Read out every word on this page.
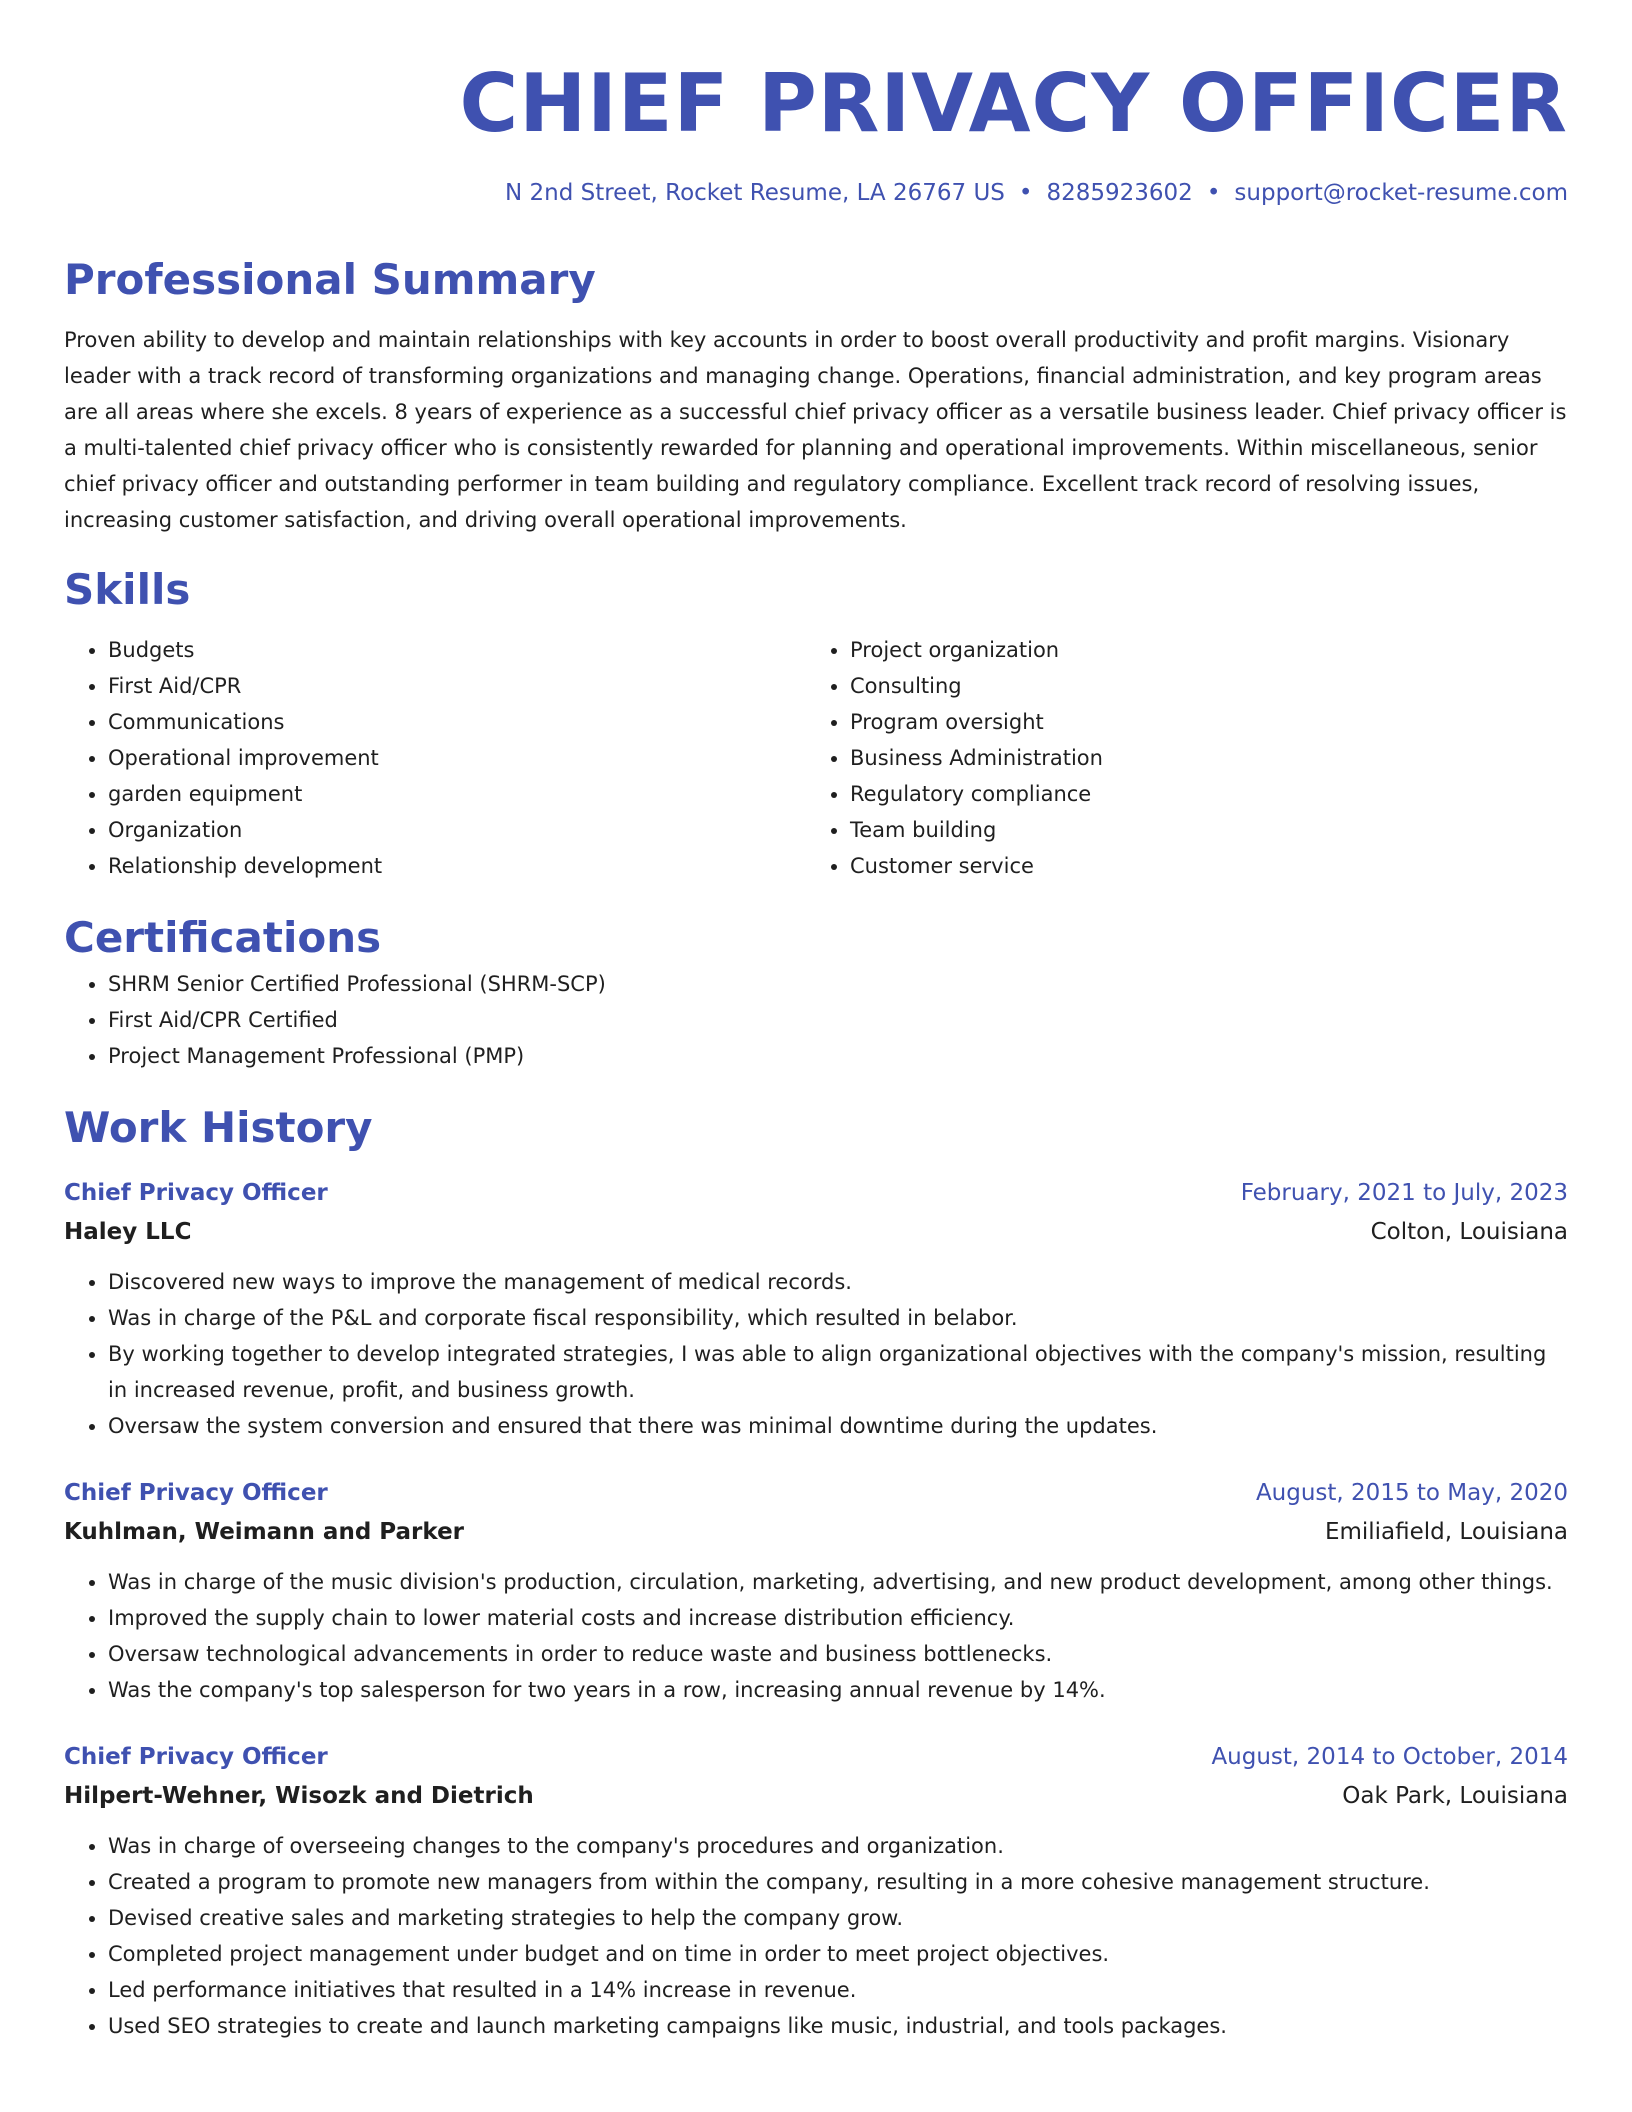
CHIEF PRIVACY OFFICER
N 2nd Street, Rocket Resume, LA 26767 US • 8285923602 • support@rocket-resume.com
Professional Summary
Proven ability to develop and maintain relationships with key accounts in order to boost overall productivity and profit margins. Visionary leader with a track record of transforming organizations and managing change. Operations, financial administration, and key program areas are all areas where she excels. 8 years of experience as a successful chief privacy officer as a versatile business leader. Chief privacy officer is a multi-talented chief privacy officer who is consistently rewarded for planning and operational improvements. Within miscellaneous, senior chief privacy officer and outstanding performer in team building and regulatory compliance. Excellent track record of resolving issues, increasing customer satisfaction, and driving overall operational improvements.
Skills
• Budgets
• First Aid/CPR
• Communications
• Operational improvement
• garden equipment
• Organization
• Relationship development
• Project organization
• Consulting
• Program oversight
• Business Administration
• Regulatory compliance
• Team building
• Customer service
Certifications
• SHRM Senior Certified Professional (SHRM-SCP)
• First Aid/CPR Certified
• Project Management Professional (PMP)
Work History
Chief Privacy Officer	February, 2021 to July, 2023
Haley LLC	Colton, Louisiana
• Discovered new ways to improve the management of medical records.
• Was in charge of the P&L and corporate fiscal responsibility, which resulted in belabor.
• By working together to develop integrated strategies, I was able to align organizational objectives with the company's mission, resulting in increased revenue, profit, and business growth.
• Oversaw the system conversion and ensured that there was minimal downtime during the updates.
Chief Privacy Officer	August, 2015 to May, 2020
Kuhlman, Weimann and Parker	Emiliafield, Louisiana
• Was in charge of the music division's production, circulation, marketing, advertising, and new product development, among other things.
• Improved the supply chain to lower material costs and increase distribution efficiency.
• Oversaw technological advancements in order to reduce waste and business bottlenecks.
• Was the company's top salesperson for two years in a row, increasing annual revenue by 14%.
Chief Privacy Officer	August, 2014 to October, 2014
Hilpert-Wehner, Wisozk and Dietrich	Oak Park, Louisiana
• Was in charge of overseeing changes to the company's procedures and organization.
• Created a program to promote new managers from within the company, resulting in a more cohesive management structure.
• Devised creative sales and marketing strategies to help the company grow.
• Completed project management under budget and on time in order to meet project objectives.
• Led performance initiatives that resulted in a 14% increase in revenue.
• Used SEO strategies to create and launch marketing campaigns like music, industrial, and tools packages.
